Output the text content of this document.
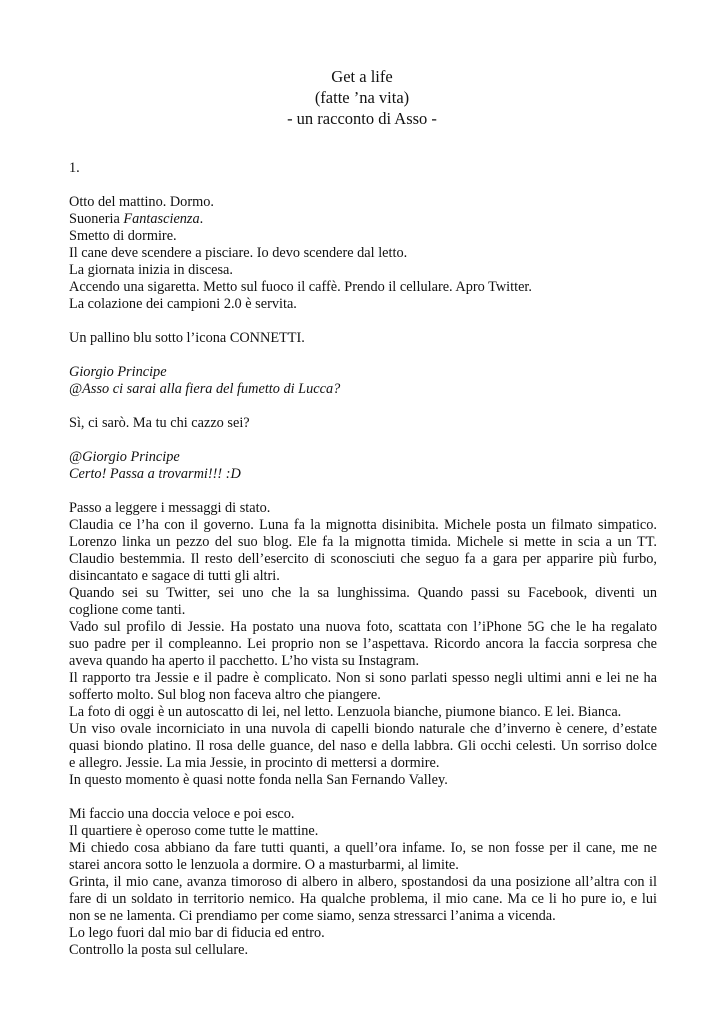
Get a life
(fatte ’na vita)
- un racconto di Asso -
1.
Otto del mattino. Dormo.
Suoneria Fantascienza.
Smetto di dormire.
Il cane deve scendere a pisciare. Io devo scendere dal letto.
La giornata inizia in discesa.
Accendo una sigaretta. Metto sul fuoco il caffè. Prendo il cellulare. Apro Twitter.
La colazione dei campioni 2.0 è servita.
Un pallino blu sotto l’icona CONNETTI.
Giorgio Principe
@Asso ci sarai alla fiera del fumetto di Lucca?
Sì, ci sarò. Ma tu chi cazzo sei?
@Giorgio Principe
Certo! Passa a trovarmi!!! :D
Passo a leggere i messaggi di stato.
Claudia ce l’ha con il governo. Luna fa la mignotta disinibita. Michele posta un filmato simpatico.
Lorenzo linka un pezzo del suo blog. Ele fa la mignotta timida. Michele si mette in scia a un TT.
Claudio bestemmia. Il resto dell’esercito di sconosciuti che seguo fa a gara per apparire più furbo,
disincantato e sagace di tutti gli altri.
Quando sei su Twitter, sei uno che la sa lunghissima. Quando passi su Facebook, diventi un
coglione come tanti.
Vado sul profilo di Jessie. Ha postato una nuova foto, scattata con l’iPhone 5G che le ha regalato
suo padre per il compleanno. Lei proprio non se l’aspettava. Ricordo ancora la faccia sorpresa che
aveva quando ha aperto il pacchetto. L’ho vista su Instagram.
Il rapporto tra Jessie e il padre è complicato. Non si sono parlati spesso negli ultimi anni e lei ne ha
sofferto molto. Sul blog non faceva altro che piangere.
La foto di oggi è un autoscatto di lei, nel letto. Lenzuola bianche, piumone bianco. E lei. Bianca.
Un viso ovale incorniciato in una nuvola di capelli biondo naturale che d’inverno è cenere, d’estate
quasi biondo platino. Il rosa delle guance, del naso e della labbra. Gli occhi celesti. Un sorriso dolce
e allegro. Jessie. La mia Jessie, in procinto di mettersi a dormire.
In questo momento è quasi notte fonda nella San Fernando Valley.
Mi faccio una doccia veloce e poi esco.
Il quartiere è operoso come tutte le mattine.
Mi chiedo cosa abbiano da fare tutti quanti, a quell’ora infame. Io, se non fosse per il cane, me ne
starei ancora sotto le lenzuola a dormire. O a masturbarmi, al limite.
Grinta, il mio cane, avanza timoroso di albero in albero, spostandosi da una posizione all’altra con il
fare di un soldato in territorio nemico. Ha qualche problema, il mio cane. Ma ce li ho pure io, e lui
non se ne lamenta. Ci prendiamo per come siamo, senza stressarci l’anima a vicenda.
Lo lego fuori dal mio bar di fiducia ed entro.
Controllo la posta sul cellulare.
